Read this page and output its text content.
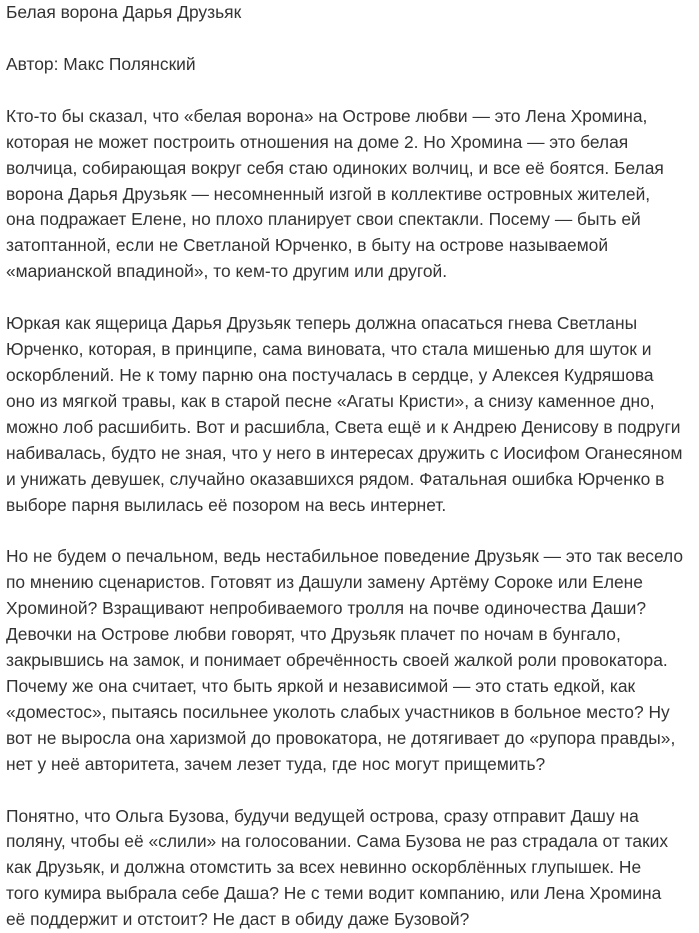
Белая ворона Дарья Друзьяк
Автор: Макс Полянский
Кто-то бы сказал, что «белая ворона» на Острове любви — это Лена Хромина,
которая не может построить отношения на доме 2. Но Хромина — это белая
волчица, собирающая вокруг себя стаю одиноких волчиц, и все её боятся. Белая
ворона Дарья Друзьяк — несомненный изгой в коллективе островных жителей,
она подражает Елене, но плохо планирует свои спектакли. Посему — быть ей
затоптанной, если не Светланой Юрченко, в быту на острове называемой
«марианской впадиной», то кем-то другим или другой.
Юркая как ящерица Дарья Друзьяк теперь должна опасаться гнева Светланы
Юрченко, которая, в принципе, сама виновата, что стала мишенью для шуток и
оскорблений. Не к тому парню она постучалась в сердце, у Алексея Кудряшова
оно из мягкой травы, как в старой песне «Агаты Кристи», а снизу каменное дно,
можно лоб расшибить. Вот и расшибла, Света ещё и к Андрею Денисову в подруги
набивалась, будто не зная, что у него в интересах дружить с Иосифом Оганесяном
и унижать девушек, случайно оказавшихся рядом. Фатальная ошибка Юрченко в
выборе парня вылилась её позором на весь интернет.
Но не будем о печальном, ведь нестабильное поведение Друзьяк — это так весело
по мнению сценаристов. Готовят из Дашули замену Артёму Сороке или Елене
Хроминой? Взращивают непробиваемого тролля на почве одиночества Даши?
Девочки на Острове любви говорят, что Друзьяк плачет по ночам в бунгало,
закрывшись на замок, и понимает обречённость своей жалкой роли провокатора.
Почему же она считает, что быть яркой и независимой — это стать едкой, как
«доместос», пытаясь посильнее уколоть слабых участников в больное место? Ну
вот не выросла она харизмой до провокатора, не дотягивает до «рупора правды»,
нет у неё авторитета, зачем лезет туда, где нос могут прищемить?
Понятно, что Ольга Бузова, будучи ведущей острова, сразу отправит Дашу на
поляну, чтобы её «слили» на голосовании. Сама Бузова не раз страдала от таких
как Друзьяк, и должна отомстить за всех невинно оскорблённых глупышек. Не
того кумира выбрала себе Даша? Не с теми водит компанию, или Лена Хромина
её поддержит и отстоит? Не даст в обиду даже Бузовой?
